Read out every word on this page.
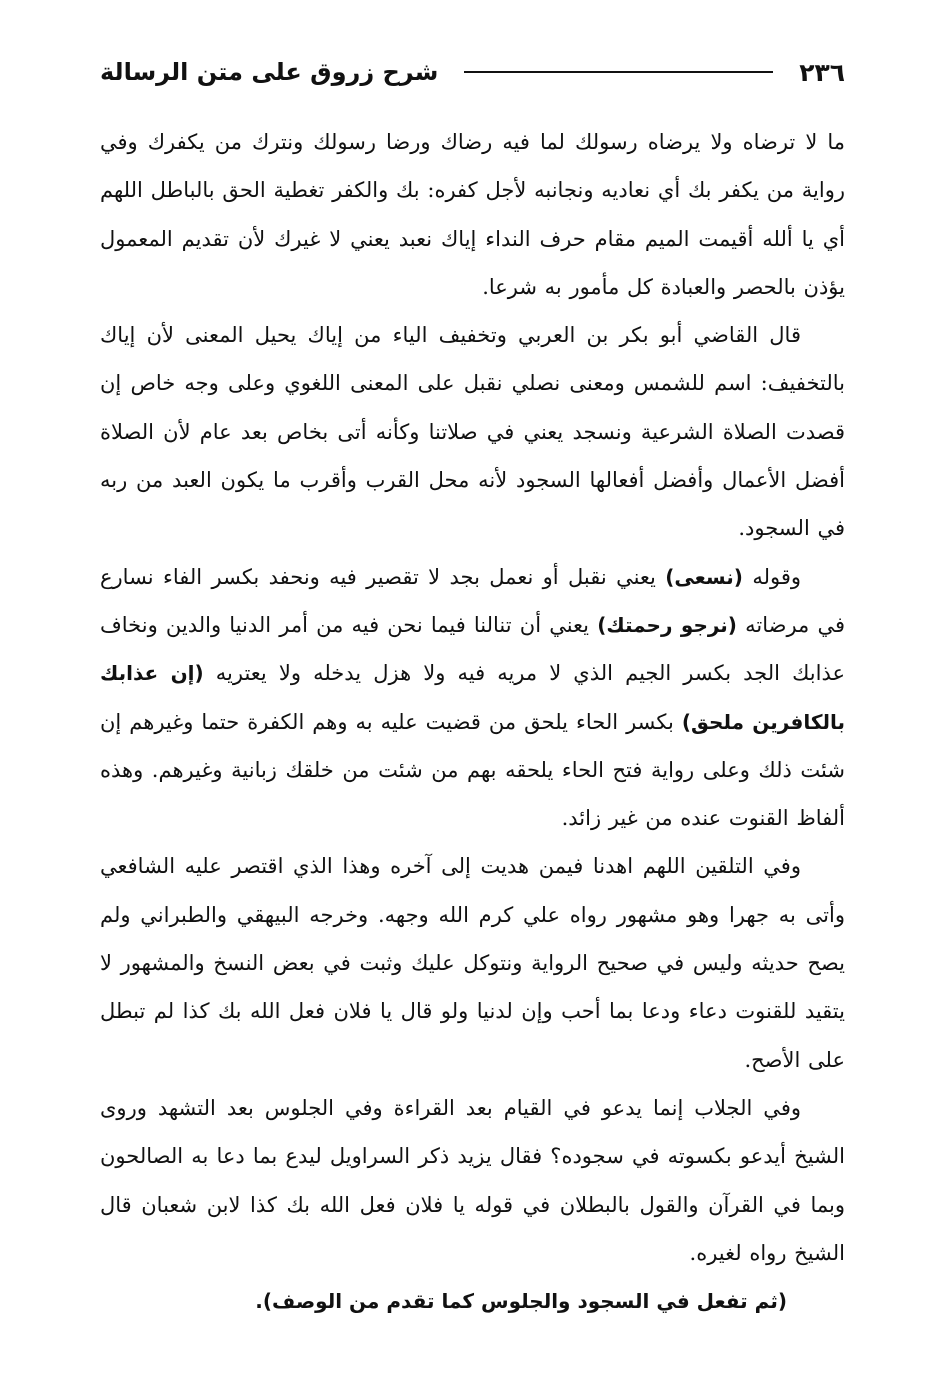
٢٣٦
شرح زروق على متن الرسالة

ما لا ترضاه ولا يرضاه رسولك لما فيه رضاك ورضا رسولك ونترك من يكفرك وفي رواية من يكفر بك أي نعاديه ونجانبه لأجل كفره: بك والكفر تغطية الحق بالباطل اللهم أي يا ألله أقيمت الميم مقام حرف النداء إياك نعبد يعني لا غيرك لأن تقديم المعمول يؤذن بالحصر والعبادة كل مأمور به شرعا.

قال القاضي أبو بكر بن العربي وتخفيف الياء من إياك يحيل المعنى لأن إياك بالتخفيف: اسم للشمس ومعنى نصلي نقبل على المعنى اللغوي وعلى وجه خاص إن قصدت الصلاة الشرعية ونسجد يعني في صلاتنا وكأنه أتى بخاص بعد عام لأن الصلاة أفضل الأعمال وأفضل أفعالها السجود لأنه محل القرب وأقرب ما يكون العبد من ربه في السجود.

وقوله (نسعى) يعني نقبل أو نعمل بجد لا تقصير فيه ونحفد بكسر الفاء نسارع في مرضاته (نرجو رحمتك) يعني أن تنالنا فيما نحن فيه من أمر الدنيا والدين ونخاف عذابك الجد بكسر الجيم الذي لا مريه فيه ولا هزل يدخله ولا يعتريه (إن عذابك بالكافرين ملحق) بكسر الحاء يلحق من قضيت عليه به وهم الكفرة حتما وغيرهم إن شئت ذلك وعلى رواية فتح الحاء يلحقه بهم من شئت من خلقك زبانية وغيرهم. وهذه ألفاظ القنوت عنده من غير زائد.

وفي التلقين اللهم اهدنا فيمن هديت إلى آخره وهذا الذي اقتصر عليه الشافعي وأتى به جهرا وهو مشهور رواه علي كرم الله وجهه. وخرجه البيهقي والطبراني ولم يصح حديثه وليس في صحيح الرواية ونتوكل عليك وثبت في بعض النسخ والمشهور لا يتقيد للقنوت دعاء ودعا بما أحب وإن لدنيا ولو قال يا فلان فعل الله بك كذا لم تبطل على الأصح.

وفي الجلاب إنما يدعو في القيام بعد القراءة وفي الجلوس بعد التشهد وروى الشيخ أيدعو بكسوته في سجوده؟ فقال يزيد ذكر السراويل ليدع بما دعا به الصالحون وبما في القرآن والقول بالبطلان في قوله يا فلان فعل الله بك كذا لابن شعبان قال الشيخ رواه لغيره.

(ثم تفعل في السجود والجلوس كما تقدم من الوصف).
